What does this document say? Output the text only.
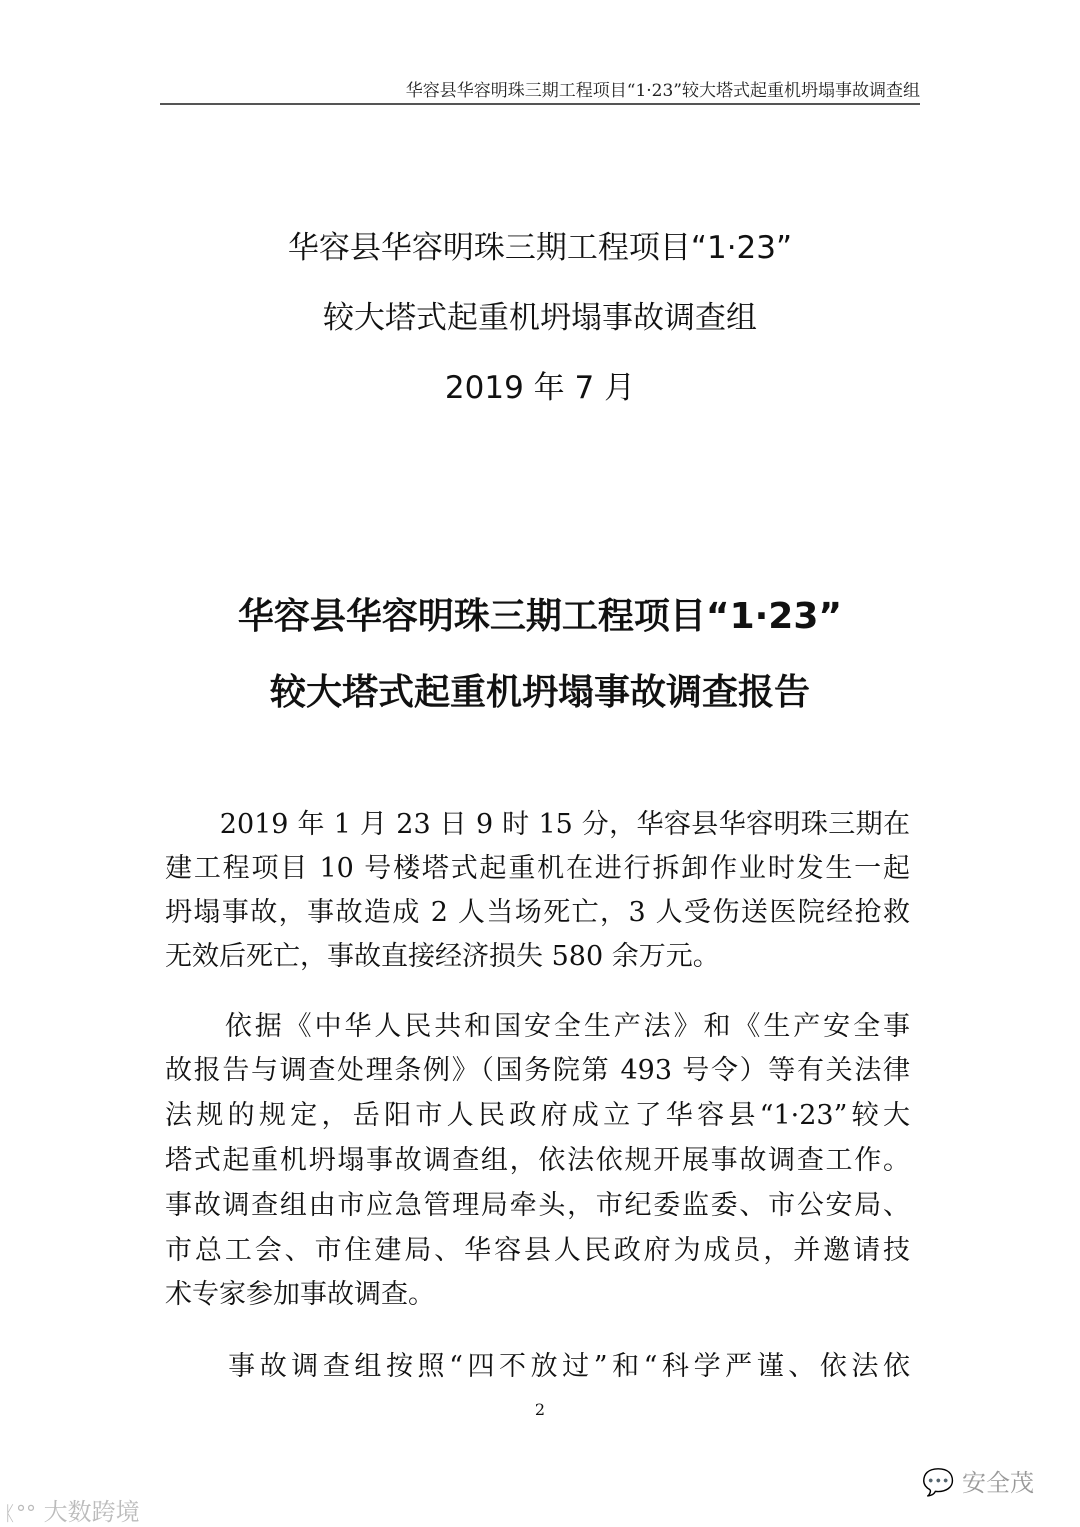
华容县华容明珠三期工程项目“1·23”较大塔式起重机坍塌事故调查组
华容县华容明珠三期工程项目“1·23”
较大塔式起重机坍塌事故调查组
2019 年 7 月
华容县华容明珠三期工程项目“1·23”
较大塔式起重机坍塌事故调查报告
　　2019 年 1 月 23 日 9 时 15 分，华容县华容明珠三期在
建工程项目 10 号楼塔式起重机在进行拆卸作业时发生一起
坍塌事故，事故造成 2 人当场死亡，3 人受伤送医院经抢救
无效后死亡，事故直接经济损失 580 余万元。
　　依据《中华人民共和国安全生产法》和《生产安全事
故报告与调查处理条例》（国务院第 493 号令）等有关法律
法规的规定，岳阳市人民政府成立了华容县“1·23”较大
塔式起重机坍塌事故调查组，依法依规开展事故调查工作。
事故调查组由市应急管理局牵头，市纪委监委、市公安局、
市总工会、市住建局、华容县人民政府为成员，并邀请技
术专家参加事故调查。
　　事故调查组按照“四不放过”和“科学严谨、依法依
2
ᛕ°° 大数跨境
💬 安全茂
